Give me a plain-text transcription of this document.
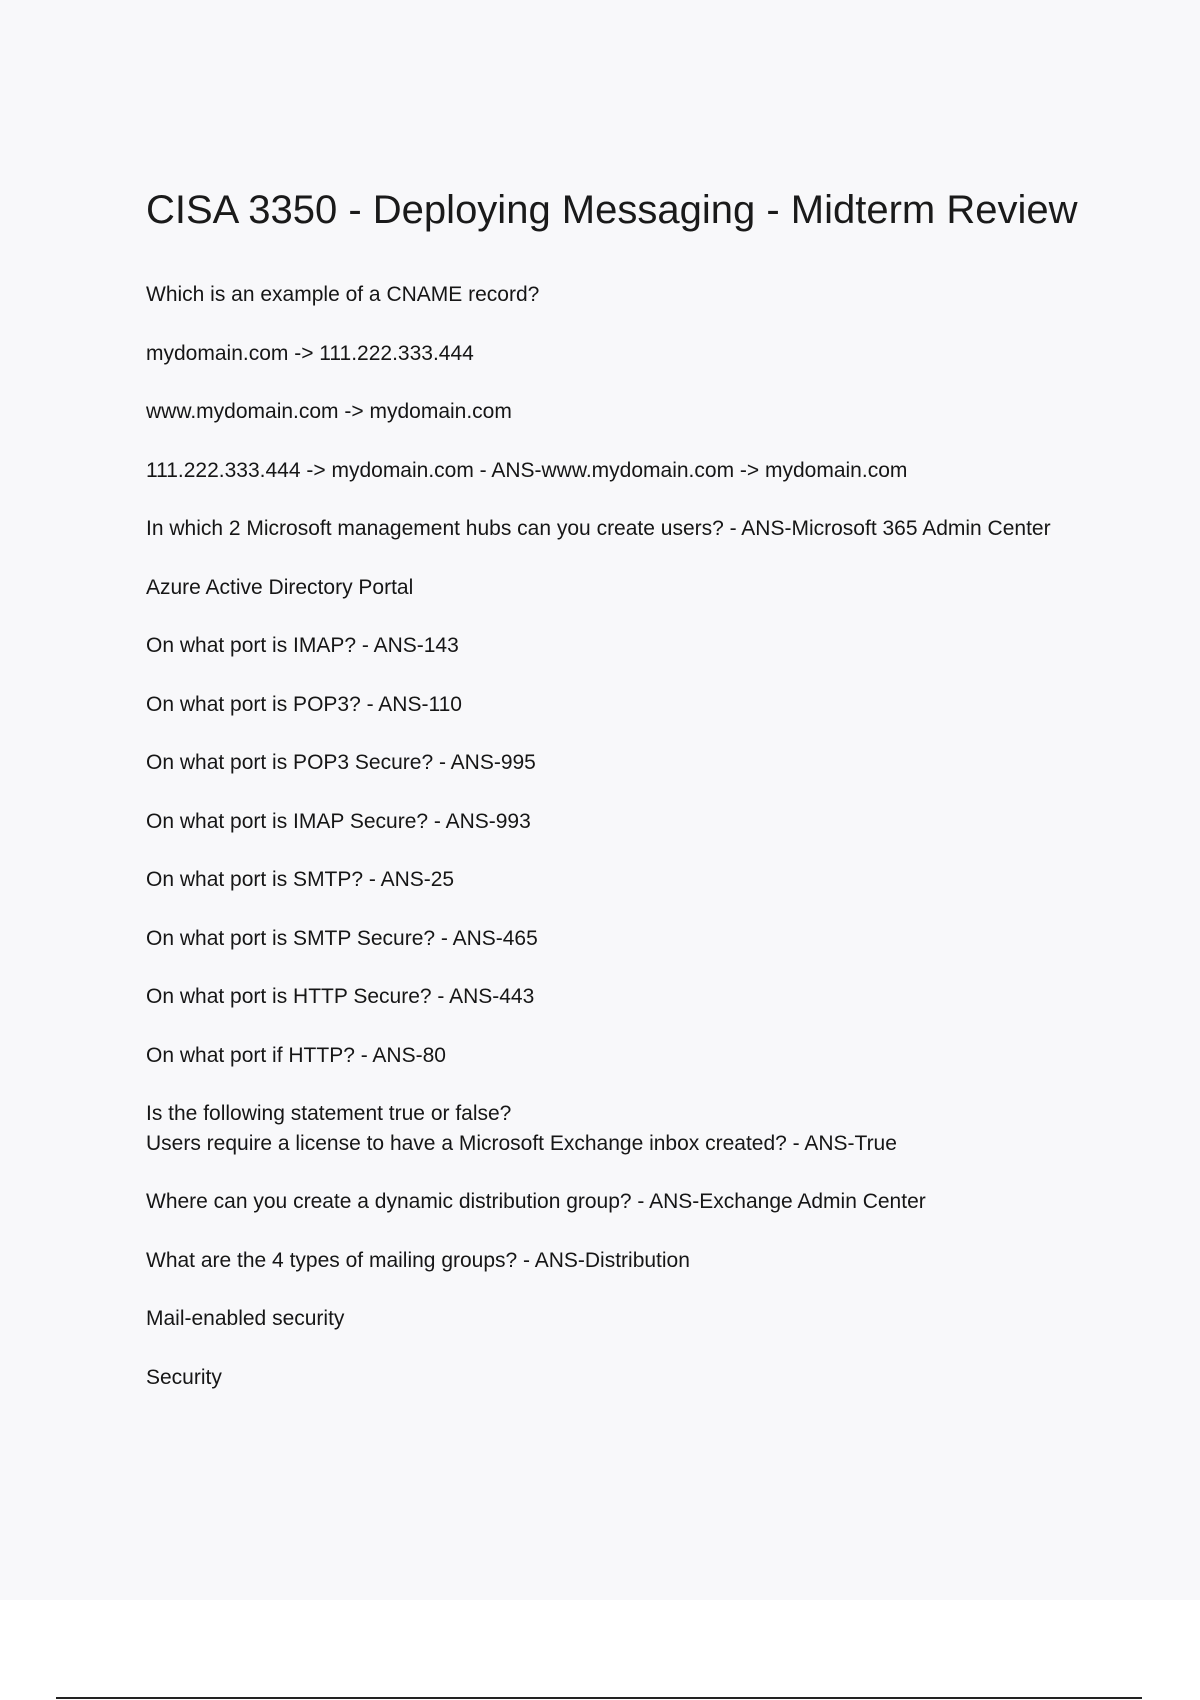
CISA 3350 - Deploying Messaging - Midterm Review

Which is an example of a CNAME record?

mydomain.com -> 111.222.333.444

www.mydomain.com -> mydomain.com

111.222.333.444 -> mydomain.com - ANS-www.mydomain.com -> mydomain.com

In which 2 Microsoft management hubs can you create users? - ANS-Microsoft 365 Admin Center

Azure Active Directory Portal

On what port is IMAP? - ANS-143

On what port is POP3? - ANS-110

On what port is POP3 Secure? - ANS-995

On what port is IMAP Secure? - ANS-993

On what port is SMTP? - ANS-25

On what port is SMTP Secure? - ANS-465

On what port is HTTP Secure? - ANS-443

On what port if HTTP? - ANS-80

Is the following statement true or false?
Users require a license to have a Microsoft Exchange inbox created? - ANS-True

Where can you create a dynamic distribution group? - ANS-Exchange Admin Center

What are the 4 types of mailing groups? - ANS-Distribution

Mail-enabled security

Security
